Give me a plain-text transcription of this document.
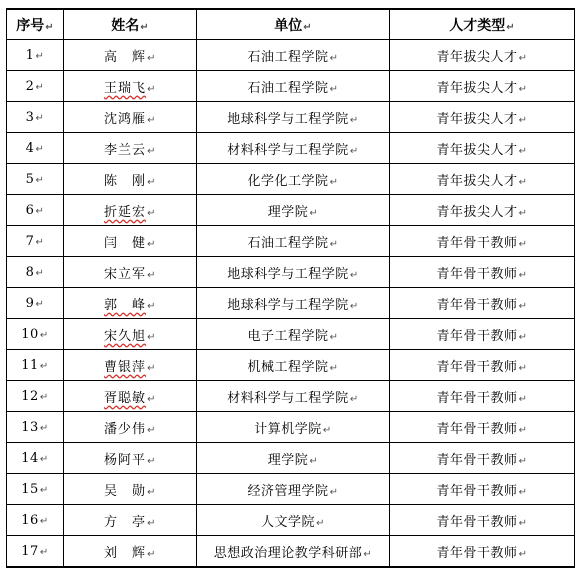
序号↵	姓名↵	单位↵	人才类型↵
1↵	高　辉↵	石油工程学院↵	青年拔尖人才↵
2↵	王瑞飞↵	石油工程学院↵	青年拔尖人才↵
3↵	沈鸿雁↵	地球科学与工程学院↵	青年拔尖人才↵
4↵	李兰云↵	材料科学与工程学院↵	青年拔尖人才↵
5↵	陈　刚↵	化学化工学院↵	青年拔尖人才↵
6↵	折延宏↵	理学院↵	青年拔尖人才↵
7↵	闫　健↵	石油工程学院↵	青年骨干教师↵
8↵	宋立军↵	地球科学与工程学院↵	青年骨干教师↵
9↵	郭　峰↵	地球科学与工程学院↵	青年骨干教师↵
10↵	宋久旭↵	电子工程学院↵	青年骨干教师↵
11↵	曹银萍↵	机械工程学院↵	青年骨干教师↵
12↵	胥聪敏↵	材料科学与工程学院↵	青年骨干教师↵
13↵	潘少伟↵	计算机学院↵	青年骨干教师↵
14↵	杨阿平↵	理学院↵	青年骨干教师↵
15↵	吴　勋↵	经济管理学院↵	青年骨干教师↵
16↵	方　亭↵	人文学院↵	青年骨干教师↵
17↵	刘　辉↵	思想政治理论教学科研部↵	青年骨干教师↵
